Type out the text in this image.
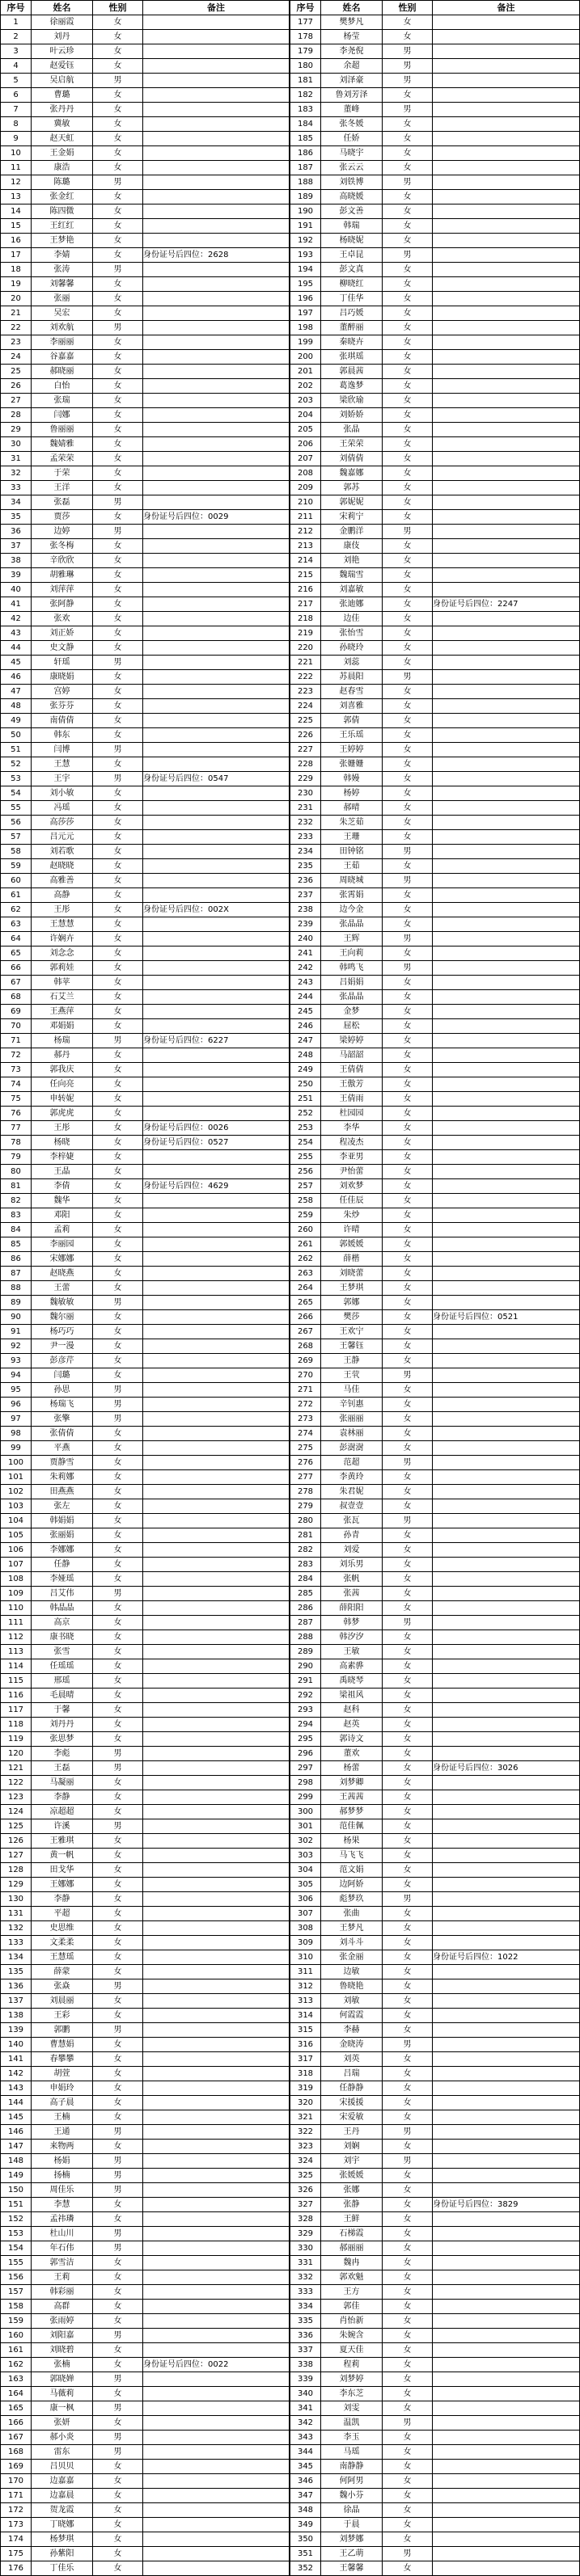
序号	姓名	性别	备注
1	徐丽霞	女	
2	刘丹	女	
3	叶云珍	女	
4	赵爱钰	女	
5	吴启航	男	
6	曹璐	女	
7	张丹丹	女	
8	冀敏	女	
9	赵天虹	女	
10	王金娟	女	
11	康浩	女	
12	陈璐	男	
13	张金红	女	
14	陈四微	女	
15	王红红	女	
16	王梦艳	女	
17	李婧	女	身份证号后四位：2628
18	张涛	男	
19	刘馨馨	女	
20	张丽	女	
21	吴宏	女	
22	刘欢航	男	
23	李丽丽	女	
24	谷嘉嘉	女	
25	郝晓丽	女	
26	白怡	女	
27	张瑞	女	
28	闫娜	女	
29	鲁丽丽	女	
30	魏婧雅	女	
31	孟荣荣	女	
32	于荣	女	
33	王洋	女	
34	张磊	男	
35	贾莎	女	身份证号后四位：0029
36	边婷	男	
37	张冬梅	女	
38	辛欣欣	女	
39	胡雅琳	女	
40	刘萍萍	女	
41	张阿静	女	
42	张欢	女	
43	刘正娇	女	
44	史文静	女	
45	轩瑶	男	
46	康晓娟	女	
47	宫婷	女	
48	张芬芬	女	
49	南倩倩	女	
50	韩东	女	
51	闫博	男	
52	王慧	女	
53	王宇	男	身份证号后四位：0547
54	刘小敏	女	
55	冯瑶	女	
56	高莎莎	女	
57	吕元元	女	
58	刘若歌	女	
59	赵晓晓	女	
60	高雅善	女	
61	高静	女	
62	王彤	女	身份证号后四位：002X
63	王慧慧	女	
64	许娴卉	女	
65	刘念念	女	
66	郭莉娃	女	
67	韩苹	女	
68	石艾兰	女	
69	王燕萍	女	
70	邓娟娟	女	
71	杨瑞	男	身份证号后四位：6227
72	郝丹	女	
73	郭我庆	女	
74	任向亮	女	
75	申转妮	女	
76	郭虎虎	女	
77	王彤	女	身份证号后四位：0026
78	杨晓	女	身份证号后四位：0527
79	李梓婕	女	
80	王晶	女	
81	李倩	女	身份证号后四位：4629
82	魏华	女	
83	邓阳	女	
84	孟莉	女	
85	李丽园	女	
86	宋娜娜	女	
87	赵晓燕	女	
88	王蕾	女	
89	魏敏敏	男	
90	魏尔丽	女	
91	杨巧巧	女	
92	尹一漫	女	
93	彭彦芹	女	
94	闫璐	女	
95	孙思	男	
96	杨瑞飞	男	
97	张擎	男	
98	张倩倩	女	
99	平燕	女	
100	贾静雪	女	
101	朱莉娜	女	
102	田燕燕	女	
103	张左	女	
104	韩娟娟	女	
105	张丽娟	女	
106	李娜娜	女	
107	任静	女	
108	李娅瑶	女	
109	吕艾伟	男	
110	韩晶晶	女	
111	高京	女	
112	康书晓	女	
113	张雪	女	
114	任瑶瑶	女	
115	邢瑶	女	
116	毛晨晴	女	
117	于馨	女	
118	刘丹丹	女	
119	张思梦	女	
120	李彪	男	
121	王磊	男	
122	马凝丽	女	
123	李静	女	
124	凉超超	女	
125	许溪	男	
126	王雅琪	女	
127	黄一帆	女	
128	田戈华	女	
129	王娜娜	女	
130	李静	女	
131	平超	女	
132	史思维	女	
133	文柔柔	女	
134	王慧瑶	女	
135	薛蒙	女	
136	张焱	男	
137	刘晨丽	女	
138	王彩	女	
139	郭鹏	男	
140	曹慧娟	女	
141	春攀攀	女	
142	胡萱	女	
143	申娟玲	女	
144	高子晨	女	
145	王楠	女	
146	王通	男	
147	来物两	女	
148	杨娟	男	
149	扬楠	男	
150	周佳乐	男	
151	李慧	女	
152	孟祎璘	女	
153	杜山川	男	
154	年石伟	男	
155	郭雪洁	女	
156	王莉	女	
157	韩彩丽	女	
158	高群	女	
159	张雨婷	女	
160	刘阳嘉	男	
161	刘晓碧	女	
162	张楠	女	身份证号后四位：0022
163	郭晓婵	男	
164	马薇莉	女	
165	康一枫	男	
166	张妍	女	
167	郝小炎	男	
168	雷东	男	
169	吕贝贝	女	
170	边嘉嘉	女	
171	边嘉晨	女	
172	贺龙霞	女	
173	丁晓娜	女	
174	杨梦琪	女	
175	孙紫阳	女	
176	丁佳乐	女	
序号	姓名	性别	备注
177	樊梦凡	女	
178	杨莹	女	
179	李尧倪	男	
180	余超	男	
181	刘泽豪	男	
182	鲁刘芳泽	女	
183	董峰	男	
184	张冬媛	女	
185	任娇	女	
186	马晓宇	女	
187	张云云	女	
188	刘铁博	男	
189	高晓媛	女	
190	彭文善	女	
191	韩瑞	女	
192	杨晓妮	女	
193	王卓昆	男	
194	彭文真	女	
195	柳晓红	女	
196	丁佳华	女	
197	吕巧媛	女	
198	董醉丽	女	
199	秦晓卉	女	
200	张琪瑶	女	
201	郭晨茜	女	
202	葛逸梦	女	
203	梁欣瑜	女	
204	刘娇娇	女	
205	张晶	女	
206	王荣荣	女	
207	刘倩倩	女	
208	魏嘉娜	女	
209	郭苏	女	
210	郭妮妮	女	
211	宋莉宁	女	
212	金鹏洋	男	
213	康伎	女	
214	刘艳	女	
215	魏瑞雪	女	
216	刘嘉敏	女	
217	张迪娜	女	身份证号后四位：2247
218	边佳	女	
219	张怡雪	女	
220	孙晓玲	女	
221	刘蕊	女	
222	苏晨阳	男	
223	赵春雪	女	
224	刘喜雅	女	
225	郭倩	女	
226	王乐瑶	女	
227	王婷婷	女	
228	张姗姗	女	
229	韩嫚	女	
230	杨婷	女	
231	郝晴	女	
232	朱芝茹	女	
233	王珊	女	
234	田钟铭	男	
235	王茹	女	
236	周晓城	男	
237	张霄娟	女	
238	边今金	女	
239	张晶晶	女	
240	王辉	男	
241	王向莉	女	
242	韩鸣飞	男	
243	吕娟娟	女	
244	张晶晶	女	
245	金梦	女	
246	屈松	女	
247	梁婷婷	女	
248	马韶韶	女	
249	王倩倩	女	
250	王傲芳	女	
251	王倩雨	女	
252	杜园园	女	
253	李华	女	
254	程凌杰	女	
255	李亚男	女	
256	尹怡蕾	女	
257	刘欢梦	女	
258	任佳辰	女	
259	朱炒	女	
260	许晴	女	
261	郭媛媛	女	
262	薛楷	女	
263	刘晓蕾	女	
264	王梦琪	女	
265	郭娜	女	
266	樊莎	女	身份证号后四位：0521
267	王欢宁	女	
268	王馨钰	女	
269	王静	女	
270	王茕	男	
271	马佳	女	
272	辛钊惠	女	
273	张丽丽	女	
274	袁林丽	女	
275	彭澍澍	女	
276	范超	男	
277	李黄玲	女	
278	朱君妮	女	
279	叔壹壹	女	
280	张瓦	男	
281	孙青	女	
282	刘爱	女	
283	刘乐男	女	
284	张帆	女	
285	张茜	女	
286	薛阳阳	女	
287	韩梦	男	
288	韩汐汐	女	
289	王敏	女	
290	高素骅	女	
291	禹晓琴	女	
292	梁祖风	女	
293	赵科	女	
294	赵英	女	
295	郭诗文	女	
296	董欢	女	
297	杨蕾	女	身份证号后四位：3026
298	刘梦卿	女	
299	王茜茜	女	
300	郝梦梦	女	
301	范佳佩	女	
302	杨果	女	
303	马飞飞	女	
304	范文娟	女	
305	边阿娇	女	
306	彪梦玖	男	
307	张曲	女	
308	王梦凡	女	
309	刘斗斗	女	
310	张金丽	女	身份证号后四位：1022
311	边敏	女	
312	鲁晓艳	女	
313	刘敏	女	
314	何霞霞	女	
315	李赫	女	
316	金晓涛	男	
317	刘英	女	
318	吕瑞	女	
319	任静静	女	
320	宋援援	女	
321	宋爱敏	女	
322	王丹	男	
323	刘娴	女	
324	刘宇	男	
325	张媛媛	女	
326	张娜	女	
327	张静	女	身份证号后四位：3829
328	王鲜	女	
329	石梯霞	女	
330	郝丽丽	女	
331	魏冉	女	
332	郭欢魁	女	
333	王方	女	
334	郭佳	女	
335	肖怡新	女	
336	朱婉含	女	
337	夏天佳	女	
338	程莉	女	
339	刘梦婷	女	
340	李东芝	女	
341	刘雯	女	
342	温凯	男	
343	李玉	女	
344	马瑶	女	
345	南静静	女	
346	何阿男	女	
347	魏小芬	女	
348	徐晶	女	
349	于晨	女	
350	刘梦娜	女	
351	王乙萌	男	
352	王馨馨	女	
